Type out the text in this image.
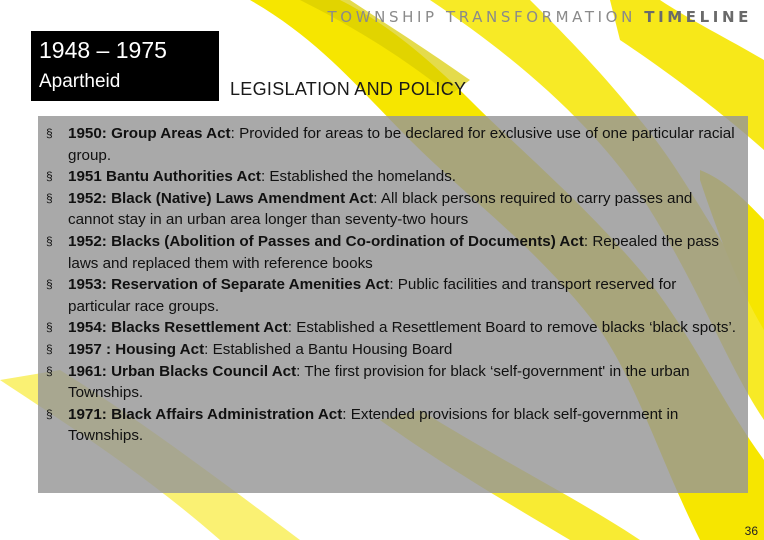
TOWNSHIP TRANSFORMATION TIMELINE
1948 – 1975
Apartheid	LEGISLATION AND POLICY
§ 1950: Group Areas Act: Provided for areas to be declared for exclusive use of one particular racial group.
§ 1951 Bantu Authorities Act: Established the homelands.
§ 1952: Black (Native) Laws Amendment Act: All black persons required to carry passes and cannot stay in an urban area longer than seventy-two hours
§ 1952: Blacks (Abolition of Passes and Co-ordination of Documents) Act: Repealed the pass laws and replaced them with reference books
§ 1953: Reservation of Separate Amenities Act: Public facilities and transport reserved for particular race groups.
§ 1954: Blacks Resettlement Act: Established a Resettlement Board to remove blacks ‘black spots’.
§ 1957 : Housing Act: Established a Bantu Housing Board
§ 1961: Urban Blacks Council Act: The first provision for black ‘self-government' in the urban Townships.
§ 1971: Black Affairs Administration Act: Extended provisions for black self-government in Townships.
36
